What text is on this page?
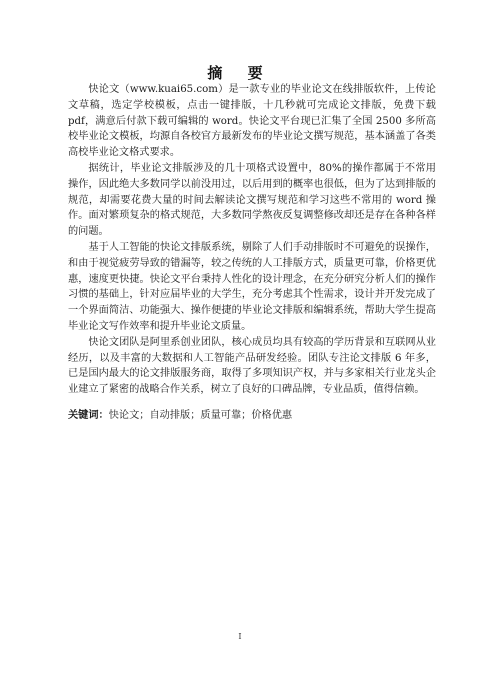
摘 要

快论文（www.kuai65.com）是一款专业的毕业论文在线排版软件，上传论文草稿，选定学校模板，点击一键排版，十几秒就可完成论文排版，免费下载 pdf，满意后付款下载可编辑的 word。快论文平台现已汇集了全国 2500 多所高校毕业论文模板，均源自各校官方最新发布的毕业论文撰写规范，基本涵盖了各类高校毕业论文格式要求。

据统计，毕业论文排版涉及的几十项格式设置中，80%的操作都属于不常用操作，因此绝大多数同学以前没用过，以后用到的概率也很低，但为了达到排版的规范，却需要花费大量的时间去解读论文撰写规范和学习这些不常用的 word 操作。面对繁琐复杂的格式规范，大多数同学熬夜反复调整修改却还是存在各种各样的问题。

基于人工智能的快论文排版系统，剔除了人们手动排版时不可避免的误操作，和由于视觉疲劳导致的错漏等，较之传统的人工排版方式，质量更可靠，价格更优惠，速度更快捷。快论文平台秉持人性化的设计理念，在充分研究分析人们的操作习惯的基础上，针对应届毕业的大学生，充分考虑其个性需求，设计并开发完成了一个界面简洁、功能强大、操作便捷的毕业论文排版和编辑系统，帮助大学生提高毕业论文写作效率和提升毕业论文质量。

快论文团队是阿里系创业团队，核心成员均具有较高的学历背景和互联网从业经历，以及丰富的大数据和人工智能产品研发经验。团队专注论文排版 6 年多，已是国内最大的论文排版服务商，取得了多项知识产权，并与多家相关行业龙头企业建立了紧密的战略合作关系，树立了良好的口碑品牌，专业品质，值得信赖。

关键词：快论文；自动排版；质量可靠；价格优惠

I
